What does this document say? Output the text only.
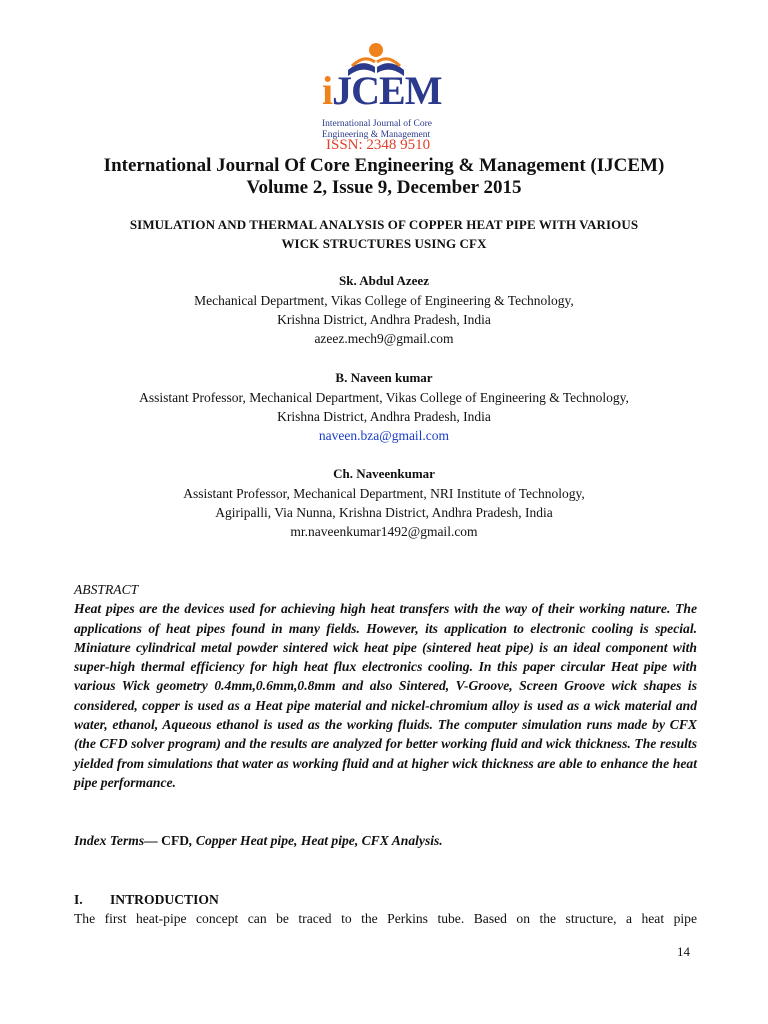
iJCEM
International Journal of Core
Engineering & Management
ISSN: 2348 9510
International Journal Of Core Engineering & Management (IJCEM)
Volume 2, Issue 9, December 2015
SIMULATION AND THERMAL ANALYSIS OF COPPER HEAT PIPE WITH VARIOUS
WICK STRUCTURES USING CFX
Sk. Abdul Azeez
Mechanical Department, Vikas College of Engineering & Technology,
Krishna District, Andhra Pradesh, India
azeez.mech9@gmail.com
B. Naveen kumar
Assistant Professor, Mechanical Department, Vikas College of Engineering & Technology,
Krishna District, Andhra Pradesh, India
naveen.bza@gmail.com
Ch. Naveenkumar
Assistant Professor, Mechanical Department, NRI Institute of Technology,
Agiripalli, Via Nunna, Krishna District, Andhra Pradesh, India
mr.naveenkumar1492@gmail.com
ABSTRACT
Heat pipes are the devices used for achieving high heat transfers with the way of their working nature. The applications of heat pipes found in many fields. However, its application to electronic cooling is special. Miniature cylindrical metal powder sintered wick heat pipe (sintered heat pipe) is an ideal component with super-high thermal efficiency for high heat flux electronics cooling. In this paper circular Heat pipe with various Wick geometry 0.4mm,0.6mm,0.8mm and also Sintered, V-Groove, Screen Groove wick shapes is considered, copper is used as a Heat pipe material and nickel-chromium alloy is used as a wick material and water, ethanol, Aqueous ethanol is used as the working fluids. The computer simulation runs made by CFX (the CFD solver program) and the results are analyzed for better working fluid and wick thickness. The results yielded from simulations that water as working fluid and at higher wick thickness are able to enhance the heat pipe performance.
Index Terms— CFD, Copper Heat pipe, Heat pipe, CFX Analysis.
I. INTRODUCTION
The first heat-pipe concept can be traced to the Perkins tube. Based on the structure, a heat pipe
14
